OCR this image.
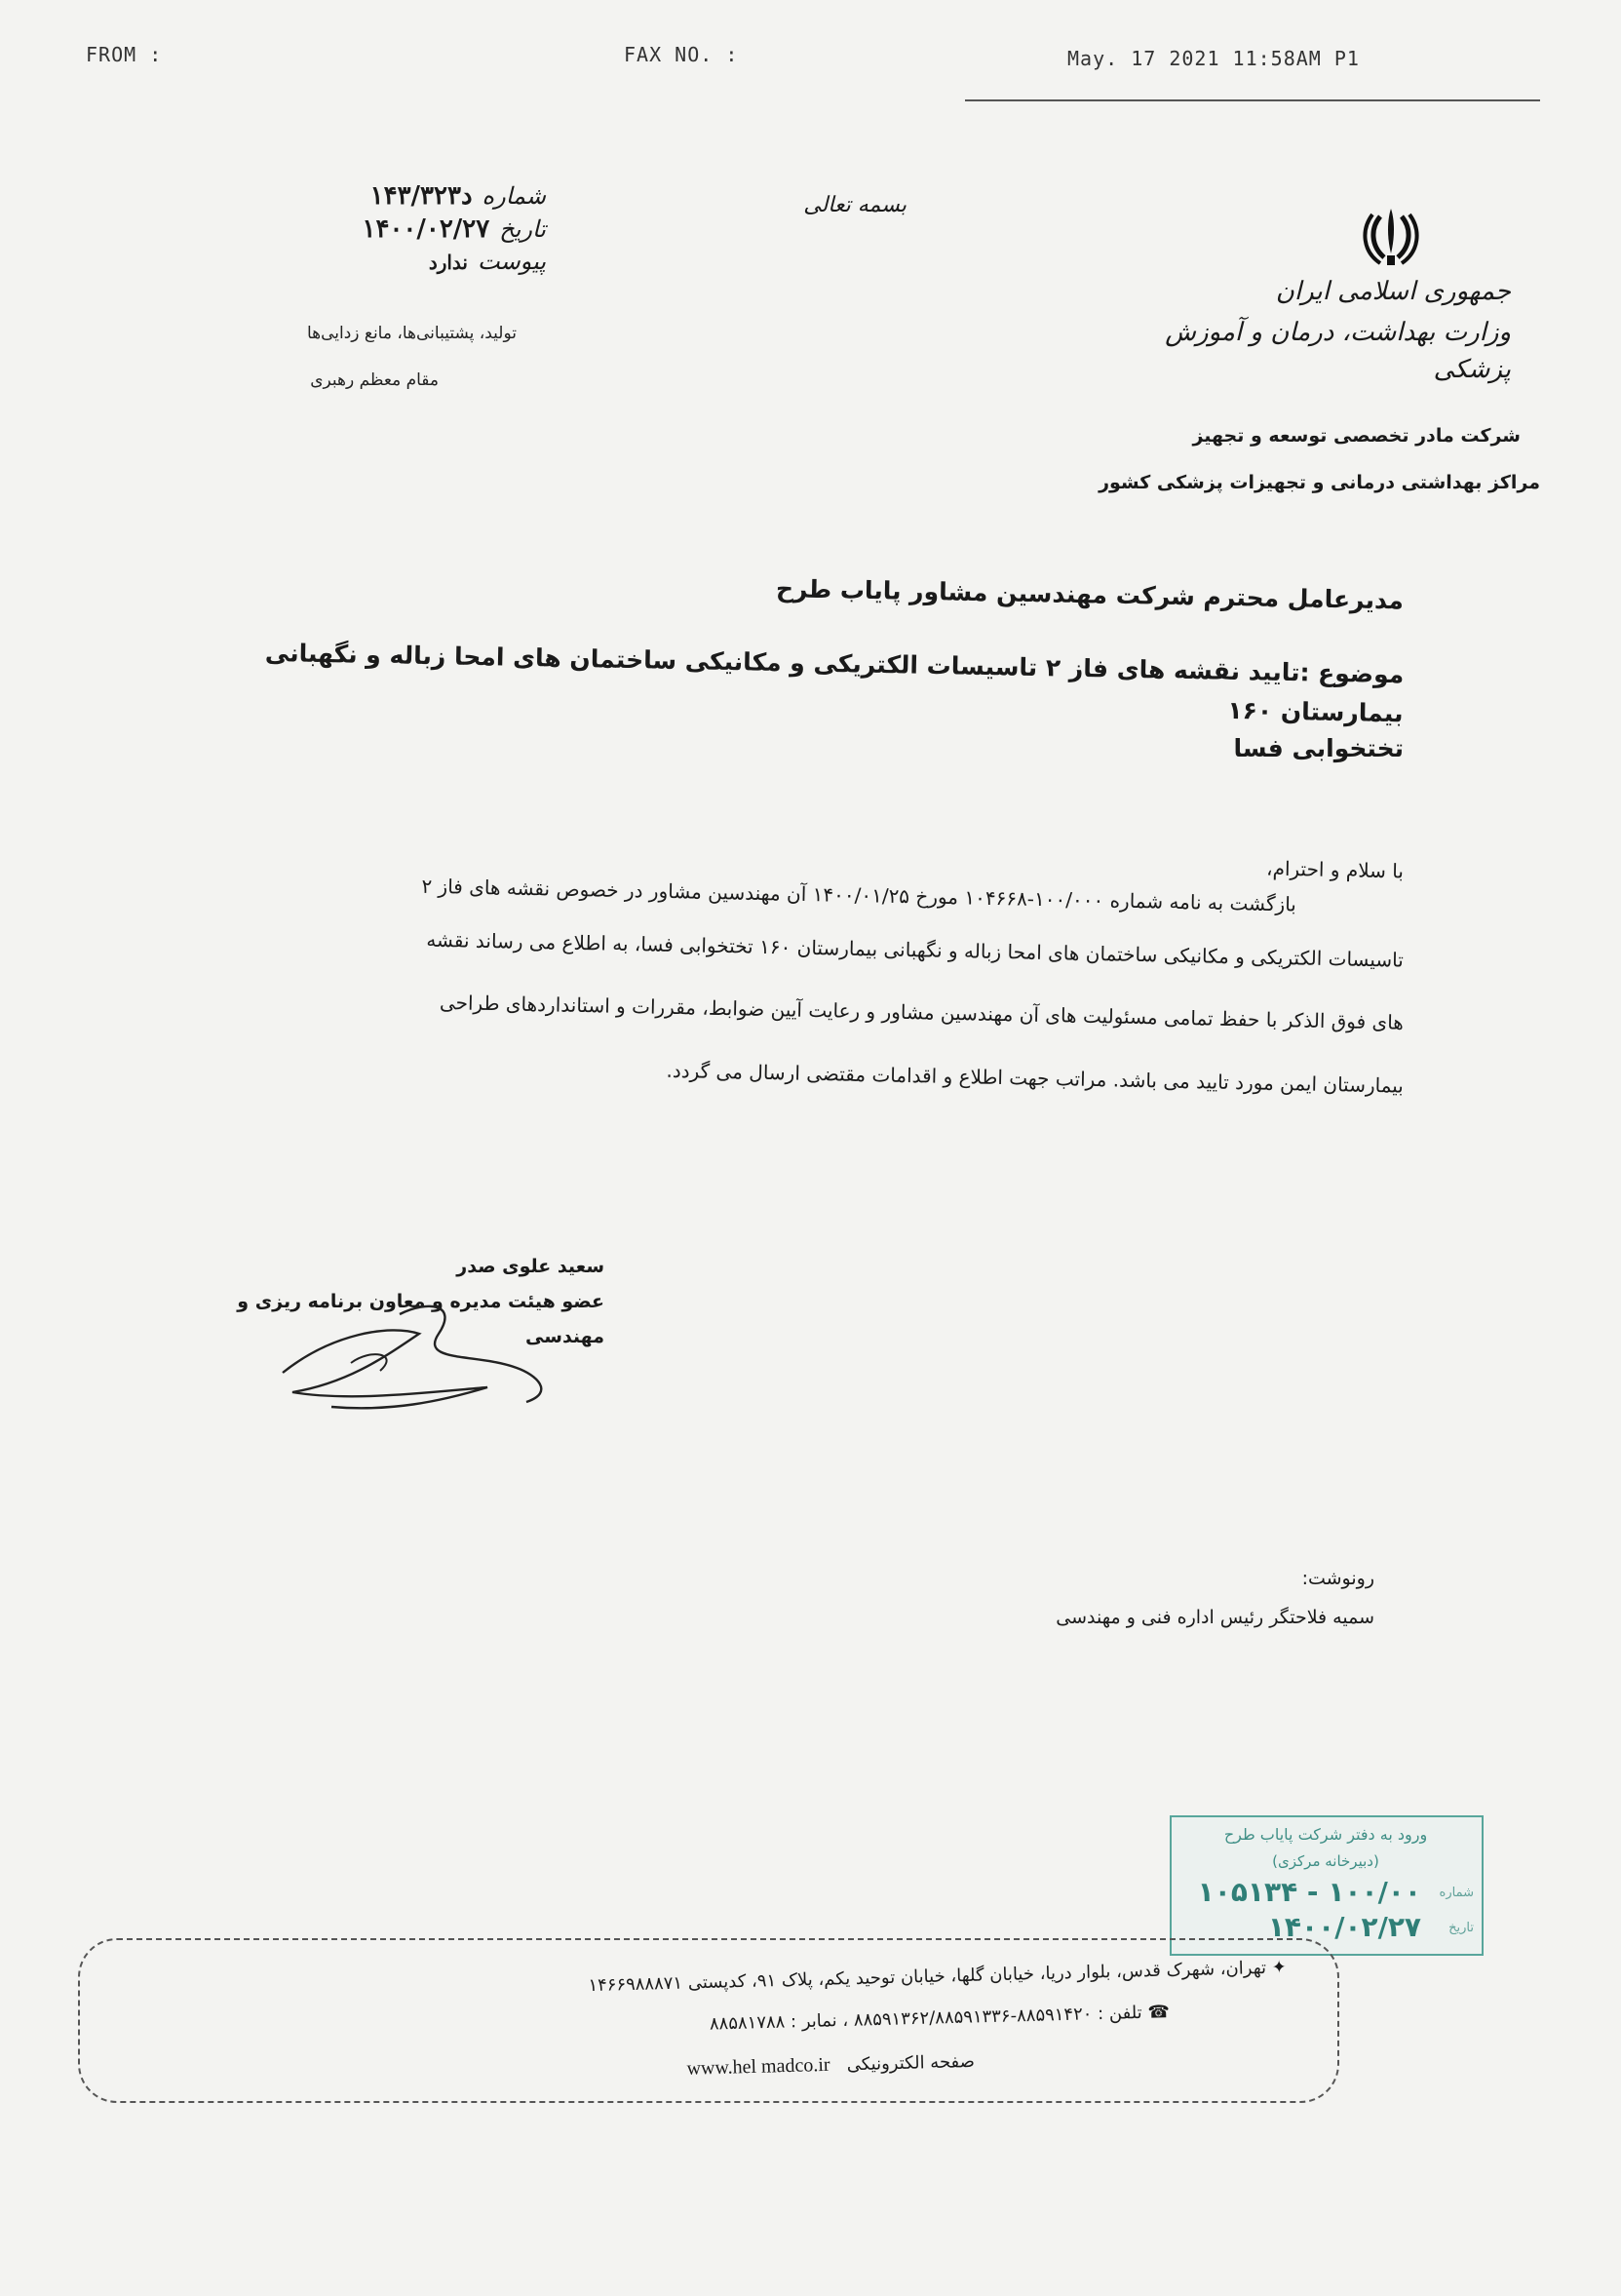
FROM :	FAX NO. :	May. 17 2021 11:58AM P1
بسمه تعالی
شماره
۱۴۳/۳۲۳د
تاریخ
۱۴۰۰/۰۲/۲۷
پیوست
ندارد
تولید، پشتیبانی‌ها، مانع زدایی‌ها
مقام معظم رهبری
جمهوری اسلامی ایران
وزارت بهداشت، درمان و آموزش پزشکی
شرکت مادر تخصصی توسعه و تجهیز
مراکز بهداشتی درمانی و تجهیزات پزشکی کشور
مدیرعامل محترم شرکت مهندسین مشاور پایاب طرح
موضوع :تایید نقشه های فاز ۲ تاسیسات الکتریکی و مکانیکی ساختمان های امحا زباله و نگهبانی بیمارستان ۱۶۰
تختخوابی فسا
با سلام و احترام،
بازگشت به نامه شماره ۱۰۰/۰۰۰-۱۰۴۶۶۸ مورخ ۱۴۰۰/۰۱/۲۵ آن مهندسین مشاور در خصوص نقشه های فاز ۲
تاسیسات الکتریکی و مکانیکی ساختمان های امحا زباله و نگهبانی بیمارستان ۱۶۰ تختخوابی فسا، به اطلاع می رساند نقشه
های فوق الذکر با حفظ تمامی مسئولیت های آن مهندسین مشاور و رعایت آیین ضوابط، مقررات و استانداردهای طراحی
بیمارستان ایمن مورد تایید می باشد. مراتب جهت اطلاع و اقدامات مقتضی ارسال می گردد.
سعید علوی صدر
عضو هیئت مدیره و معاون برنامه ریزی و
مهندسی
رونوشت:
سمیه فلاحتگر رئیس اداره فنی و مهندسی
ورود به دفتر شرکت پایاب طرح
(دبیرخانه مرکزی)
شماره
۱۰۰/۰۰ - ۱۰۵۱۳۴
تاریخ
۱۴۰۰/۰۲/۲۷
✦ تهران، شهرک قدس، بلوار دریا، خیابان گلها، خیابان توحید یکم، پلاک ۹۱، کدپستی ۱۴۶۶۹۸۸۸۷۱
☎ تلفن : ۸۸۵۹۱۴۲۰-۸۸۵۹۱۳۶۲/۸۸۵۹۱۳۳۶ ، نمابر : ۸۸۵۸۱۷۸۸
صفحه الکترونیکی   www.hel madco.ir
